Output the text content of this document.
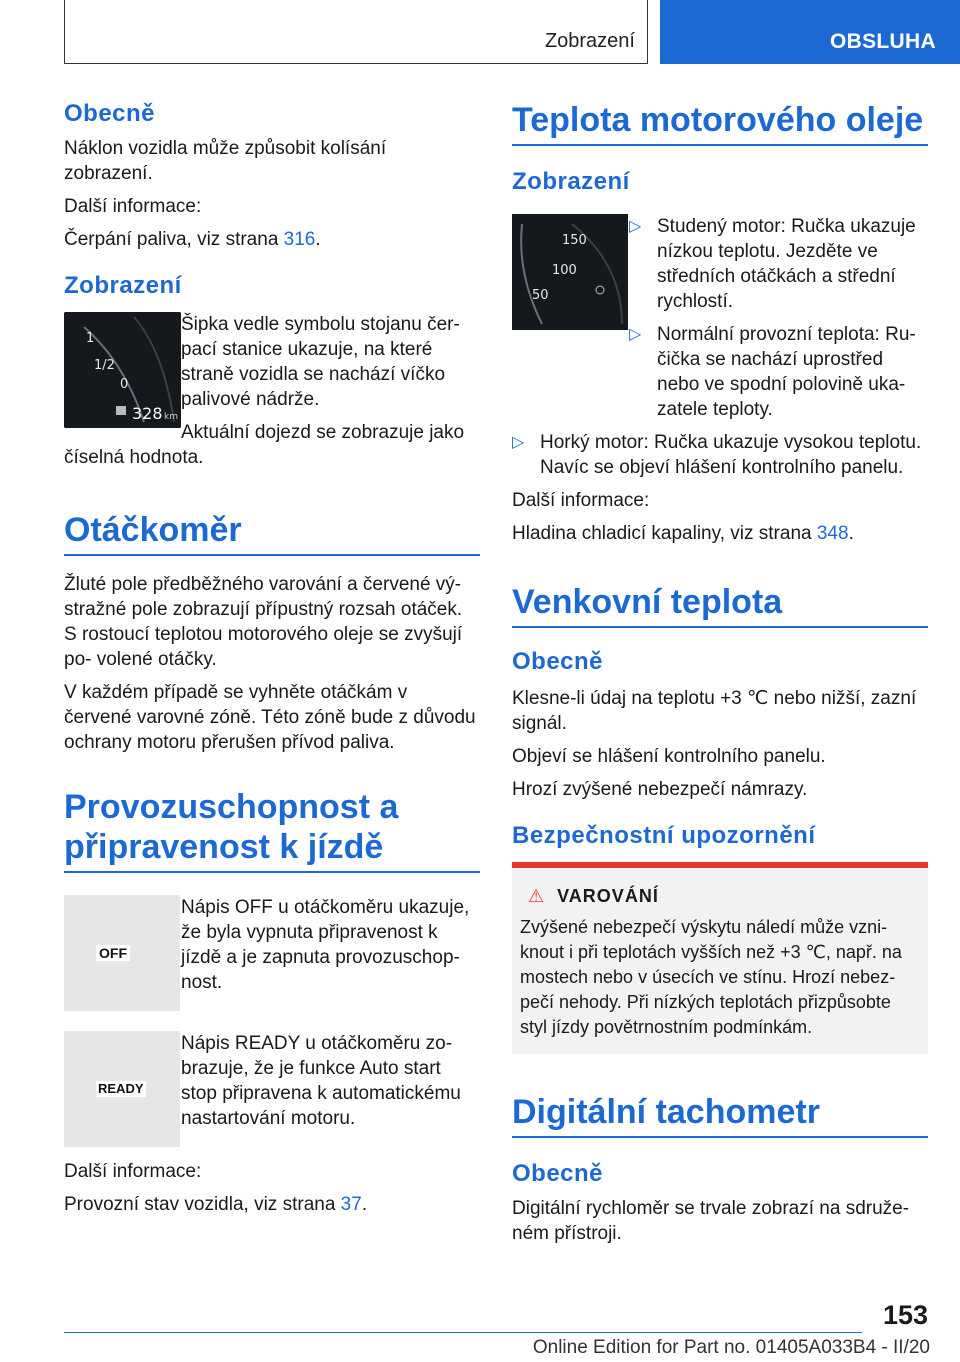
Zobrazení	OBSLUHA
Obecně

Náklon vozidla může způsobit kolísání zobrazení.

Další informace:

Čerpání paliva, viz strana 316.

Zobrazení
1
1/2
0
328 km

Šipka vedle symbolu stojanu čer- pací stanice ukazuje, na které straně vozidla se nachází víčko palivové nádrže.

Aktuální dojezd se zobrazuje jako

číselná hodnota.

Otáčkoměr

Žluté pole předběžného varování a červené vý- stražné pole zobrazují přípustný rozsah otáček. S rostoucí teplotou motorového oleje se zvyšují po- volené otáčky.

V každém případě se vyhněte otáčkám v červené varovné zóně. Této zóně bude z důvodu ochrany motoru přerušen přívod paliva.

Provozuschopnost a připravenost k jízdě
OFF

Nápis OFF u otáčkoměru ukazuje, že byla vypnuta připravenost k jízdě a je zapnuta provozuschop- nost.

READY

Nápis READY u otáčkoměru zo- brazuje, že je funkce Auto start stop připravena k automatickému nastartování motoru.

Další informace:

Provozní stav vozidla, viz strana 37.

Teplota motorového oleje
Zobrazení
150
100
50
▷ Studený motor: Ručka ukazuje nízkou teplotu. Jezděte ve středních otáčkách a střední rychlostí.
▷ Normální provozní teplota: Ru- čička se nachází uprostřed nebo ve spodní polovině uka- zatele teploty.
▷ Horký motor: Ručka ukazuje vysokou teplotu. Navíc se objeví hlášení kontrolního panelu.

Další informace:

Hladina chladicí kapaliny, viz strana 348.

Venkovní teplota
Obecně

Klesne-li údaj na teplotu +3 ℃ nebo nižší, zazní signál.

Objeví se hlášení kontrolního panelu.

Hrozí zvýšené nebezpečí námrazy.

Bezpečnostní upozornění
⚠ VAROVÁNÍ

Zvýšené nebezpečí výskytu náledí může vzni- knout i při teplotách vyšších než +3 ℃, např. na mostech nebo v úsecích ve stínu. Hrozí nebez- pečí nehody. Při nízkých teplotách přizpůsobte styl jízdy povětrnostním podmínkám.

Digitální tachometr
Obecně

Digitální rychloměr se trvale zobrazí na sdruže- ném přístroji.

153
Online Edition for Part no. 01405A033B4 - II/20
